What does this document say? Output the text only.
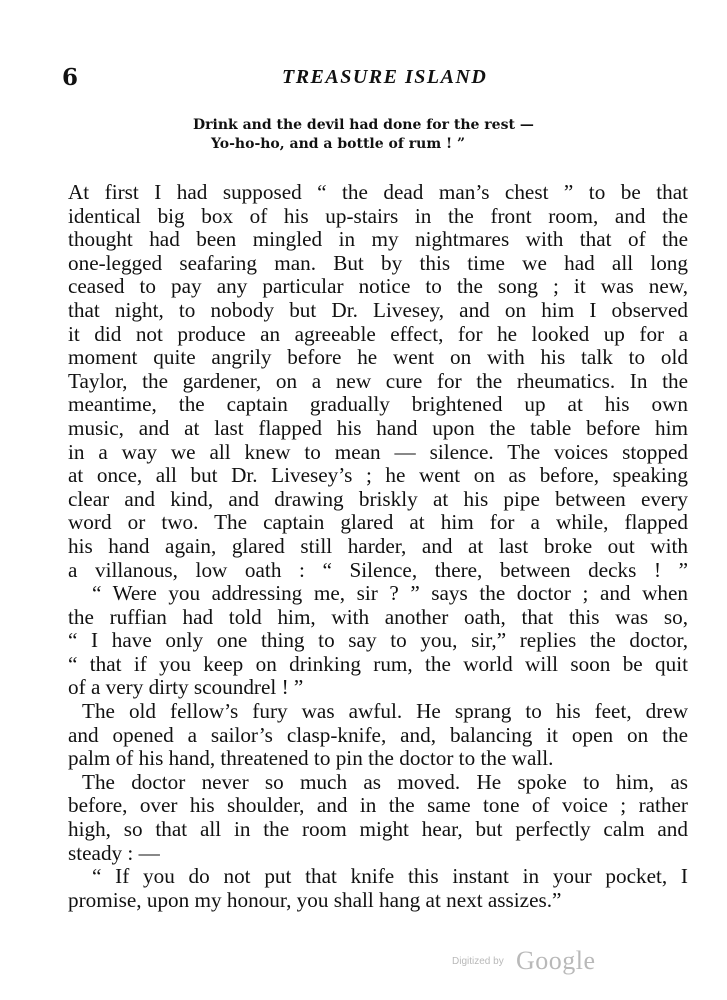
6	TREASURE ISLAND
Drink and the devil had done for the rest —
Yo-ho-ho, and a bottle of rum ! ”
At first I had supposed “ the dead man’s chest ” to be that
identical big box of his up-stairs in the front room, and the
thought had been mingled in my nightmares with that of the
one-legged seafaring man. But by this time we had all long
ceased to pay any particular notice to the song ; it was new,
that night, to nobody but Dr. Livesey, and on him I observed
it did not produce an agreeable effect, for he looked up for a
moment quite angrily before he went on with his talk to old
Taylor, the gardener, on a new cure for the rheumatics. In the
meantime, the captain gradually brightened up at his own
music, and at last flapped his hand upon the table before him
in a way we all knew to mean — silence. The voices stopped
at once, all but Dr. Livesey’s ; he went on as before, speaking
clear and kind, and drawing briskly at his pipe between every
word or two. The captain glared at him for a while, flapped
his hand again, glared still harder, and at last broke out with
a villanous, low oath : “ Silence, there, between decks ! ”
“ Were you addressing me, sir ? ” says the doctor ; and when
the ruffian had told him, with another oath, that this was so,
“ I have only one thing to say to you, sir,” replies the doctor,
“ that if you keep on drinking rum, the world will soon be quit
of a very dirty scoundrel ! ”
The old fellow’s fury was awful. He sprang to his feet, drew
and opened a sailor’s clasp-knife, and, balancing it open on the
palm of his hand, threatened to pin the doctor to the wall.
The doctor never so much as moved. He spoke to him, as
before, over his shoulder, and in the same tone of voice ; rather
high, so that all in the room might hear, but perfectly calm and
steady : —
“ If you do not put that knife this instant in your pocket, I
promise, upon my honour, you shall hang at next assizes.”
Digitized by Google
